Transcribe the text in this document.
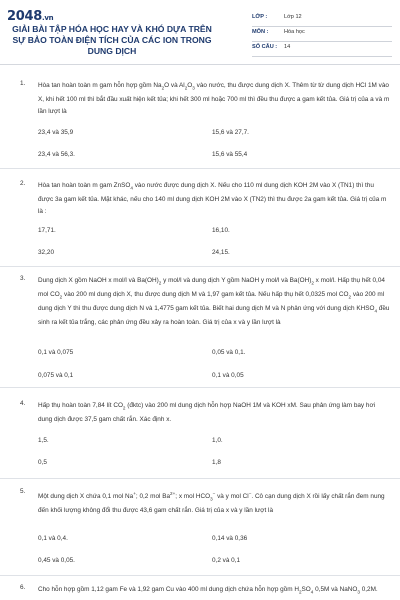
2048.vn
GIẢI BÀI TẬP HÓA HỌC HAY VÀ KHÓ DỰA TRÊN SỰ BẢO TOÀN ĐIỆN TÍCH CỦA CÁC ION TRONG DUNG DỊCH
LỚP :	Lớp 12
MÔN :	Hóa học
SỐ CÂU : 14
1. Hòa tan hoàn toàn m gam hỗn hợp gồm $Na_2O$ và $Al_2O_3$ vào nước, thu được dung dịch X. Thêm từ từ dung dịch HCl 1M vào X, khi hết 100 ml thì bắt đầu xuất hiện kết tủa; khi hết 300 ml hoặc 700 ml thì đều thu được a gam kết tủa. Giá trị của a và m lần lượt là
23,4 và 35,9	15,6 và 27,7.
23,4 và 56,3.	15,6 và 55,4
2. Hòa tan hoàn toàn m gam ZnSO$_4$ vào nước được dung dịch X. Nếu cho 110 ml dung dịch KOH 2M vào X (TN1) thì thu được 3a gam kết tủa. Mặt khác, nếu cho 140 ml dung dịch KOH 2M vào X (TN2) thì thu được 2a gam kết tủa. Giá trị của m là :
17,71.	16,10.
32,20	24,15.
3. Dung dịch X gồm NaOH x mol/l và $Ba(OH)_2$ y mol/l và dung dịch Y gồm NaOH y mol/l và $Ba(OH)_2$ x mol/l. Hấp thụ hết 0,04 mol $CO_2$ vào 200 ml dung dịch X, thu được dung dịch M và 1,97 gam kết tủa. Nếu hấp thụ hết 0,0325 mol $CO_2$ vào 200 ml dung dịch Y thì thu được dung dịch N và 1,4775 gam kết tủa. Biết hai dung dịch M và N phản ứng với dung dịch $KHSO_4$ đều sinh ra kết tủa trắng, các phản ứng đều xảy ra hoàn toàn. Giá trị của x và y lần lượt là
0,1 và 0,075	0,05 và 0,1.
0,075 và 0,1	0,1 và 0,05
4. Hấp thụ hoàn toàn 7,84 lít $CO_2$ (đktc) vào 200 ml dung dịch hỗn hợp NaOH 1M và KOH xM. Sau phản ứng làm bay hơi dung dịch được 37,5 gam chất rắn. Xác định x.
1,5.	1,0.
0,5	1,8
5.
Một dung dịch X chứa 0,1 mol Na+; 0,2 mol $Ba^{2+}$; x mol $HCO_3^-$ và y mol Cl−. Cô cạn dung dịch X rồi lấy chất rắn đem nung đến khối lượng không đổi thu được 43,6 gam chất rắn. Giá trị của x và y lần lượt là
0,1 và 0,4.	0,14 và 0,36
0,45 và 0,05.	0,2 và 0,1
6. Cho hỗn hợp gồm 1,12 gam Fe và 1,92 gam Cu vào 400 ml dung dịch chứa hỗn hợp gồm $H_2SO_4$ 0,5M và NaNO$_3$ 0,2M.
